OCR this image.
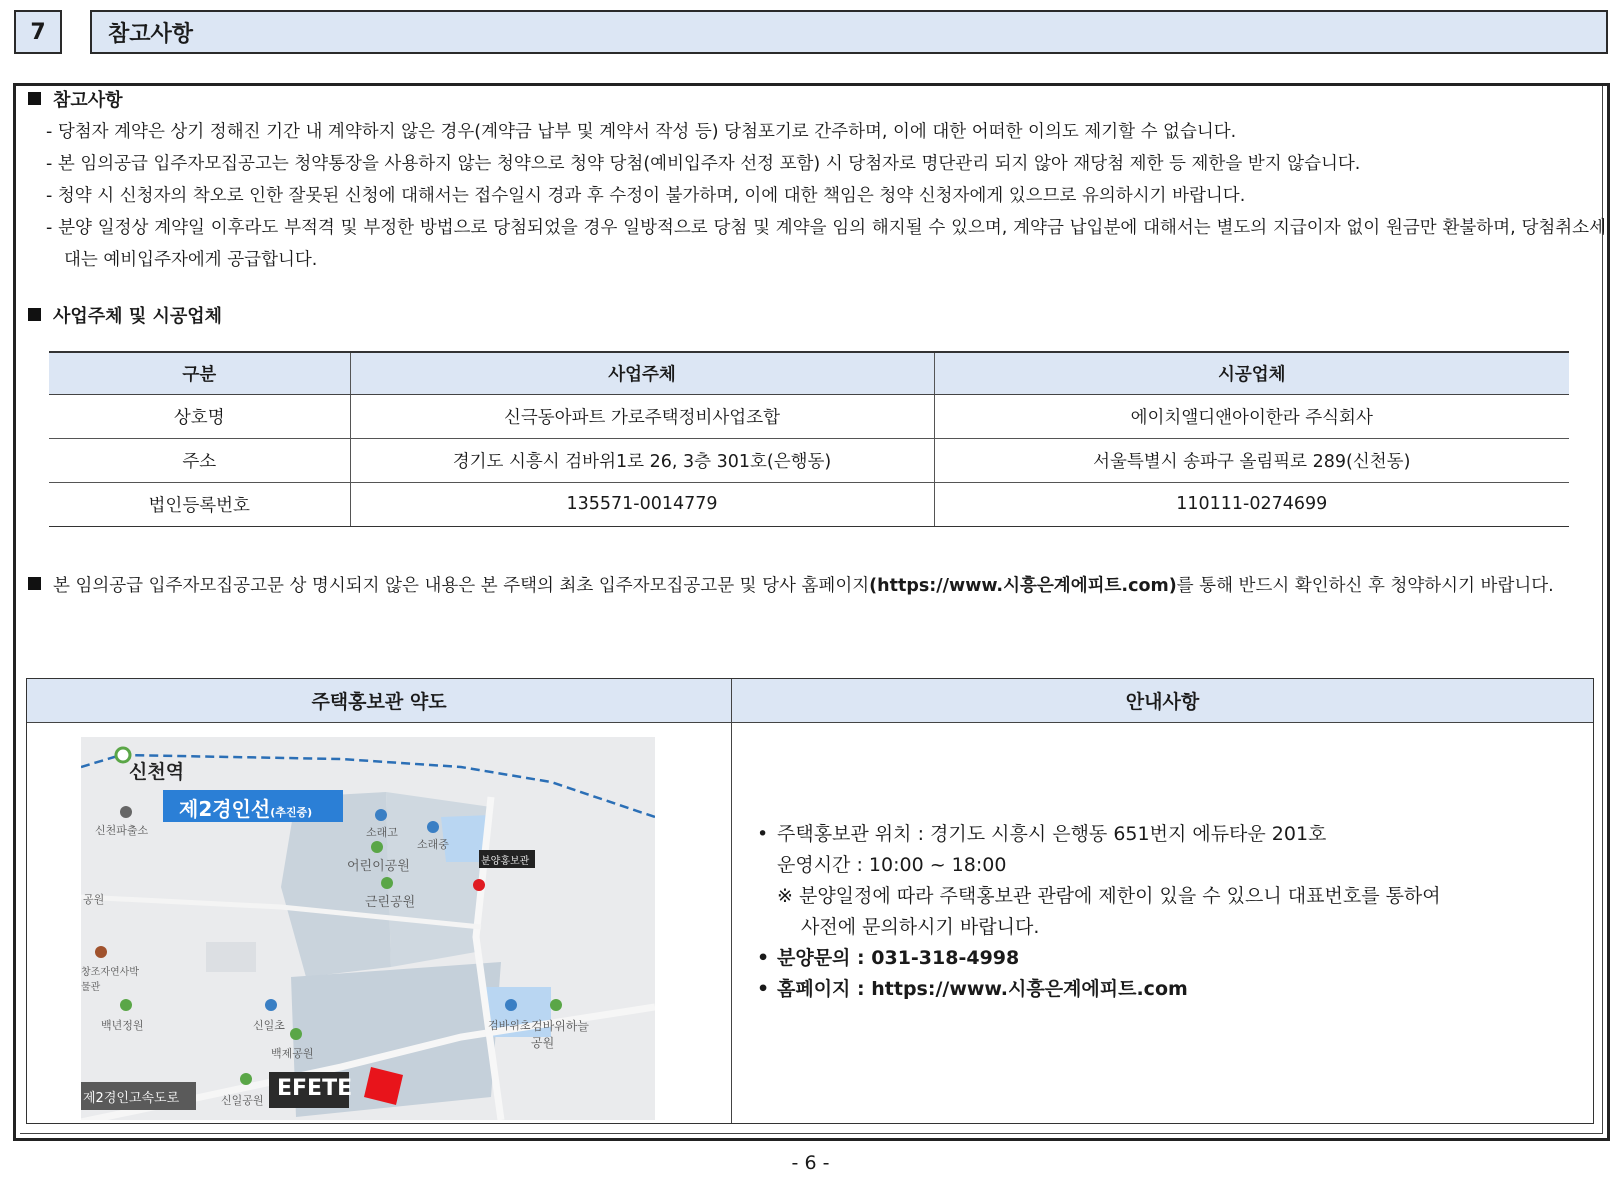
7	참고사항
참고사항
- 당첨자 계약은 상기 정해진 기간 내 계약하지 않은 경우(계약금 납부 및 계약서 작성 등) 당첨포기로 간주하며, 이에 대한 어떠한 이의도 제기할 수 없습니다.
- 본 임의공급 입주자모집공고는 청약통장을 사용하지 않는 청약으로 청약 당첨(예비입주자 선정 포함) 시 당첨자로 명단관리 되지 않아 재당첨 제한 등 제한을 받지 않습니다.
- 청약 시 신청자의 착오로 인한 잘못된 신청에 대해서는 접수일시 경과 후 수정이 불가하며, 이에 대한 책임은 청약 신청자에게 있으므로 유의하시기 바랍니다.
- 분양 일정상 계약일 이후라도 부적격 및 부정한 방법으로 당첨되었을 경우 일방적으로 당첨 및 계약을 임의 해지될 수 있으며, 계약금 납입분에 대해서는 별도의 지급이자 없이 원금만 환불하며, 당첨취소세대는 예비입주자에게 공급합니다.
사업주체 및 시공업체
구분	사업주체	시공업체
상호명	신극동아파트 가로주택정비사업조합	에이치앨디앤아이한라 주식회사
주소	경기도 시흥시 검바위1로 26, 3층 301호(은행동)	서울특별시 송파구 올림픽로 289(신천동)
법인등록번호	135571-0014779	110111-0274699
본 임의공급 입주자모집공고문 상 명시되지 않은 내용은 본 주택의 최초 입주자모집공고문 및 당사 홈페이지(https://www.시흥은계에피트.com)를 통해 반드시 확인하신 후 청약하시기 바랍니다.
주택홍보관 약도	안내사항
신천역
제2경인선(추진중)
신천파출소	소래고
소래중
어린이공원
근린공원
공원
창조자연사박물관
백년정원	신일초
백제공원
신일공원
검바위초 검바위하늘공원
분양홍보관
EFETE
제2경인고속도로
• 주택홍보관 위치 : 경기도 시흥시 은행동 651번지 에듀타운 201호
운영시간 : 10:00 ~ 18:00
※ 분양일정에 따라 주택홍보관 관람에 제한이 있을 수 있으니 대표번호를 통하여
사전에 문의하시기 바랍니다.
• 분양문의 : 031-318-4998
• 홈페이지 : https://www.시흥은계에피트.com
- 6 -
